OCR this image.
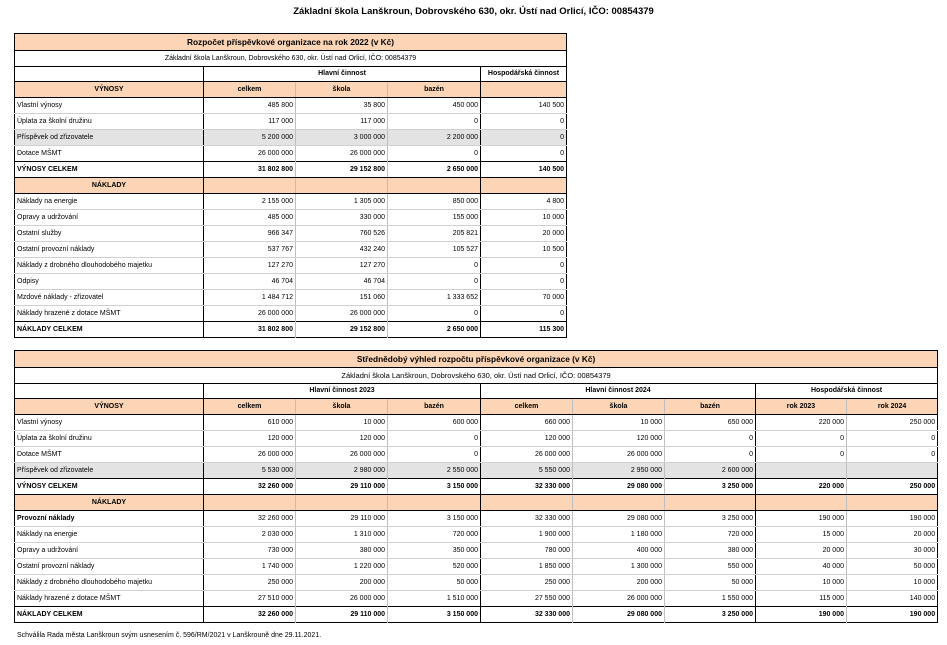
Základní škola Lanškroun, Dobrovského 630, okr. Ústí nad Orlicí, IČO: 00854379
Rozpočet příspěvkové organizace na rok 2022 (v Kč)				
Základní škola Lanškroun, Dobrovského 630, okr. Ústí nad Orlicí, IČO: 00854379				
	Hlavní činnost			Hospodářská činnost
VÝNOSY	celkem	škola	bazén	
Vlastní výnosy	485 800	35 800	450 000	140 500
Úplata za školní družinu	117 000	117 000	0	0
Příspěvek od zřizovatele	5 200 000	3 000 000	2 200 000	0
Dotace MŠMT	26 000 000	26 000 000	0	0
VÝNOSY CELKEM	31 802 800	29 152 800	2 650 000	140 500
NÁKLADY				
Náklady na energie	2 155 000	1 305 000	850 000	4 800
Opravy a udržování	485 000	330 000	155 000	10 000
Ostatní služby	966 347	760 526	205 821	20 000
Ostatní provozní náklady	537 767	432 240	105 527	10 500
Náklady z drobného dlouhodobého majetku	127 270	127 270	0	0
Odpisy	46 704	46 704	0	0
Mzdové náklady - zřizovatel	1 484 712	151 060	1 333 652	70 000
Náklady hrazené z dotace MŠMT	26 000 000	26 000 000	0	0
NÁKLADY CELKEM	31 802 800	29 152 800	2 650 000	115 300
Střednědobý výhled rozpočtu příspěvkové organizace (v Kč)								
Základní škola Lanškroun, Dobrovského 630, okr. Ústí nad Orlicí, IČO: 00854379								
	Hlavní činnost 2023			Hlavní činnost 2024			Hospodářská činnost	
VÝNOSY	celkem	škola	bazén	celkem	škola	bazén	rok 2023	rok 2024
Vlastní výnosy	610 000	10 000	600 000	660 000	10 000	650 000	220 000	250 000
Úplata za školní družinu	120 000	120 000	0	120 000	120 000	0	0	0
Dotace MŠMT	26 000 000	26 000 000	0	26 000 000	26 000 000	0	0	0
Příspěvek od zřizovatele	5 530 000	2 980 000	2 550 000	5 550 000	2 950 000	2 600 000		
VÝNOSY CELKEM	32 260 000	29 110 000	3 150 000	32 330 000	29 080 000	3 250 000	220 000	250 000
NÁKLADY								
Provozní náklady	32 260 000	29 110 000	3 150 000	32 330 000	29 080 000	3 250 000	190 000	190 000
Náklady na energie	2 030 000	1 310 000	720 000	1 900 000	1 180 000	720 000	15 000	20 000
Opravy a udržování	730 000	380 000	350 000	780 000	400 000	380 000	20 000	30 000
Ostatní provozní náklady	1 740 000	1 220 000	520 000	1 850 000	1 300 000	550 000	40 000	50 000
Náklady z drobného dlouhodobého majetku	250 000	200 000	50 000	250 000	200 000	50 000	10 000	10 000
Náklady hrazené z dotace MŠMT	27 510 000	26 000 000	1 510 000	27 550 000	26 000 000	1 550 000	115 000	140 000
NÁKLADY CELKEM	32 260 000	29 110 000	3 150 000	32 330 000	29 080 000	3 250 000	190 000	190 000
Schválila Rada města Lanškroun svým usnesením č. 596/RM/2021 v Lanškrouně dne 29.11.2021.
